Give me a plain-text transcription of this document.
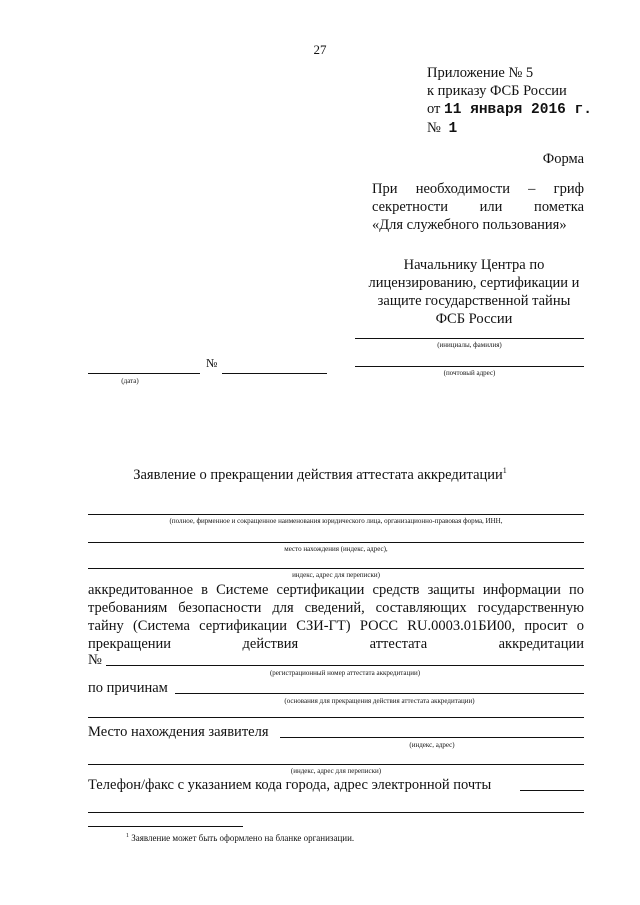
27
Приложение № 5
к приказу ФСБ России
от 11 января 2016 г.
№ 1
Форма
При необходимости – гриф
секретности или пометка
«Для служебного пользования»
Начальнику Центра по
лицензированию, сертификации и
защите государственной тайны
ФСБ России
(инициалы, фамилия)
№
(дата)
(почтовый адрес)
Заявление о прекращении действия аттестата аккредитации$^1$
(полное, фирменное и сокращенное наименования юридического лица, организационно-правовая форма, ИНН,
место нахождения (индекс, адрес),
индекс, адрес для переписки)
аккредитованное в Системе сертификации средств защиты информации по
требованиям безопасности для сведений, составляющих государственную
тайну (Система сертификации СЗИ-ГТ) РОСС RU.0003.01БИ00, просит о
прекращении действия аттестата аккредитации
№
(регистрационный номер аттестата аккредитации)
по причинам
(основания для прекращения действия аттестата аккредитации)
Место нахождения заявителя
(индекс, адрес)
(индекс, адрес для переписки)
Телефон/факс с указанием кода города, адрес электронной почты
$^1$ Заявление может быть оформлено на бланке организации.
